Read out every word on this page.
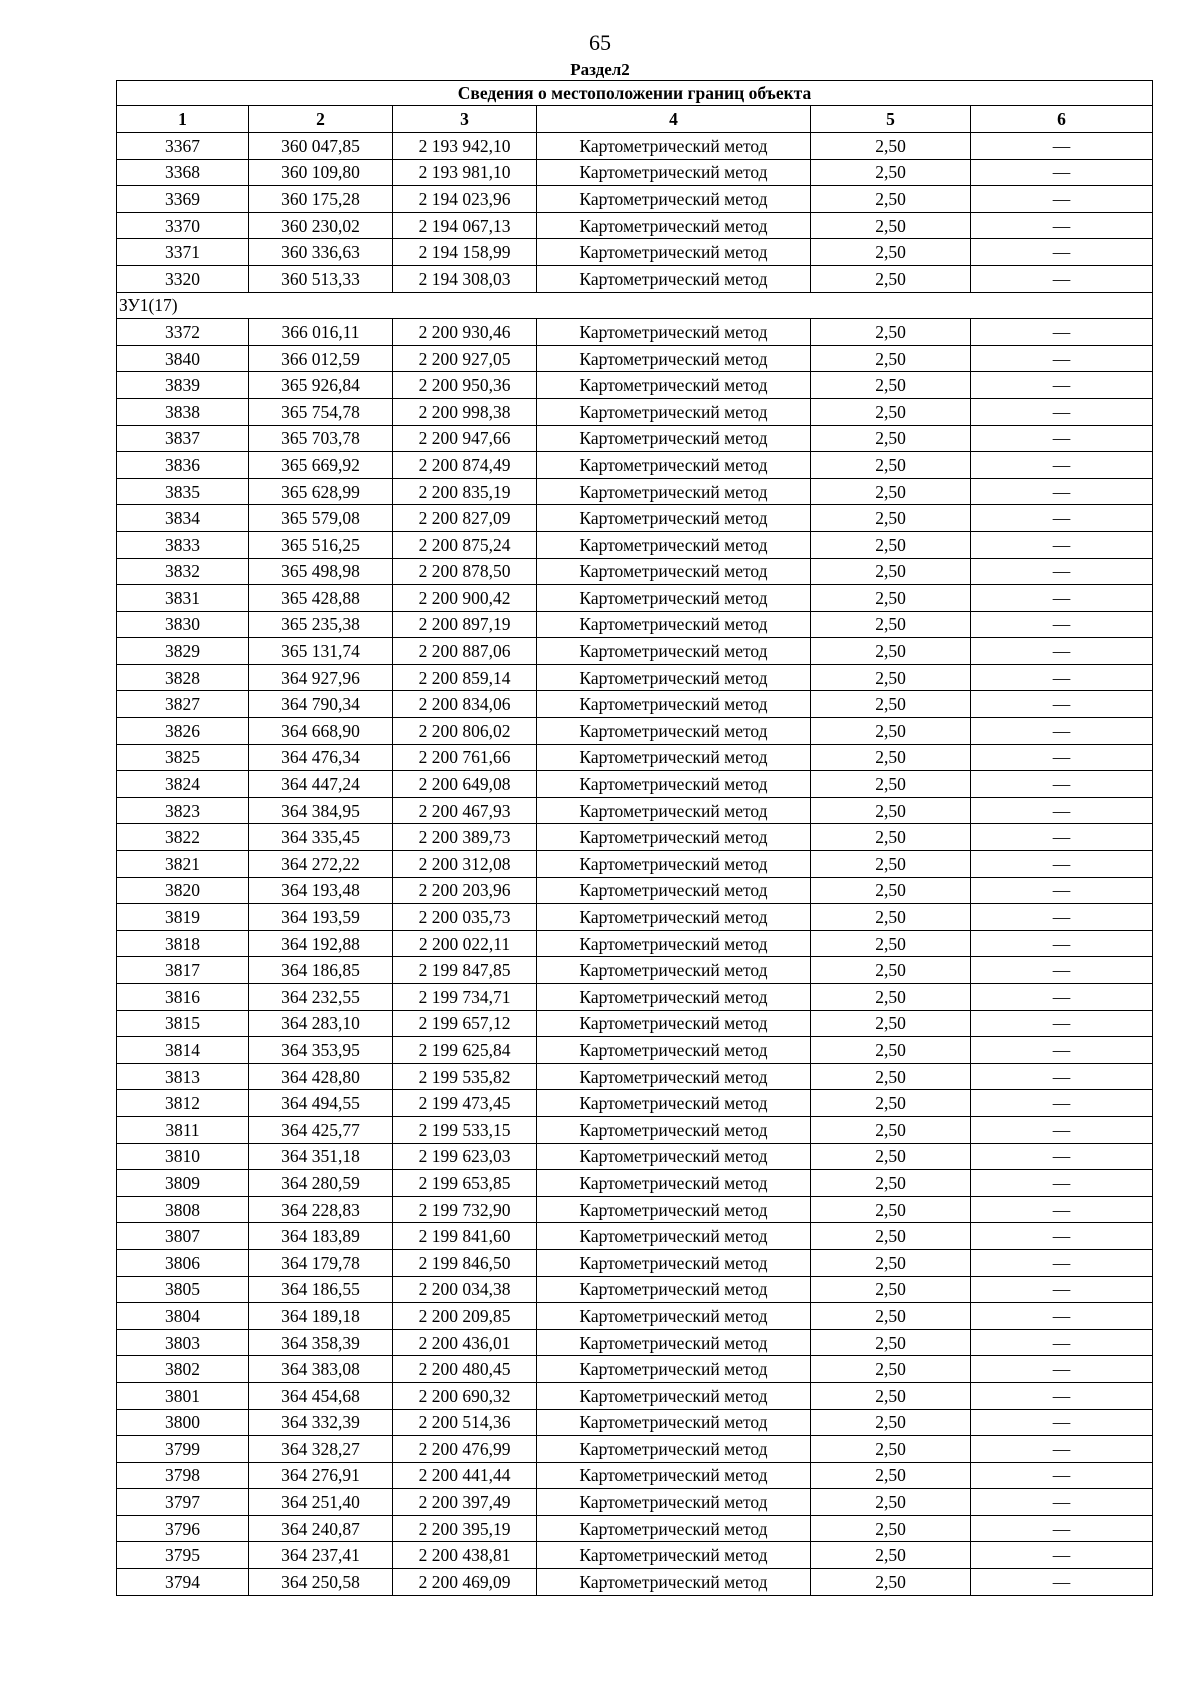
65
Раздел2
Сведения о местоположении границ объекта					
1	2	3	4	5	6
3367	360 047,85	2 193 942,10	Картометрический метод	2,50	—
3368	360 109,80	2 193 981,10	Картометрический метод	2,50	—
3369	360 175,28	2 194 023,96	Картометрический метод	2,50	—
3370	360 230,02	2 194 067,13	Картометрический метод	2,50	—
3371	360 336,63	2 194 158,99	Картометрический метод	2,50	—
3320	360 513,33	2 194 308,03	Картометрический метод	2,50	—
ЗУ1(17)					
3372	366 016,11	2 200 930,46	Картометрический метод	2,50	—
3840	366 012,59	2 200 927,05	Картометрический метод	2,50	—
3839	365 926,84	2 200 950,36	Картометрический метод	2,50	—
3838	365 754,78	2 200 998,38	Картометрический метод	2,50	—
3837	365 703,78	2 200 947,66	Картометрический метод	2,50	—
3836	365 669,92	2 200 874,49	Картометрический метод	2,50	—
3835	365 628,99	2 200 835,19	Картометрический метод	2,50	—
3834	365 579,08	2 200 827,09	Картометрический метод	2,50	—
3833	365 516,25	2 200 875,24	Картометрический метод	2,50	—
3832	365 498,98	2 200 878,50	Картометрический метод	2,50	—
3831	365 428,88	2 200 900,42	Картометрический метод	2,50	—
3830	365 235,38	2 200 897,19	Картометрический метод	2,50	—
3829	365 131,74	2 200 887,06	Картометрический метод	2,50	—
3828	364 927,96	2 200 859,14	Картометрический метод	2,50	—
3827	364 790,34	2 200 834,06	Картометрический метод	2,50	—
3826	364 668,90	2 200 806,02	Картометрический метод	2,50	—
3825	364 476,34	2 200 761,66	Картометрический метод	2,50	—
3824	364 447,24	2 200 649,08	Картометрический метод	2,50	—
3823	364 384,95	2 200 467,93	Картометрический метод	2,50	—
3822	364 335,45	2 200 389,73	Картометрический метод	2,50	—
3821	364 272,22	2 200 312,08	Картометрический метод	2,50	—
3820	364 193,48	2 200 203,96	Картометрический метод	2,50	—
3819	364 193,59	2 200 035,73	Картометрический метод	2,50	—
3818	364 192,88	2 200 022,11	Картометрический метод	2,50	—
3817	364 186,85	2 199 847,85	Картометрический метод	2,50	—
3816	364 232,55	2 199 734,71	Картометрический метод	2,50	—
3815	364 283,10	2 199 657,12	Картометрический метод	2,50	—
3814	364 353,95	2 199 625,84	Картометрический метод	2,50	—
3813	364 428,80	2 199 535,82	Картометрический метод	2,50	—
3812	364 494,55	2 199 473,45	Картометрический метод	2,50	—
3811	364 425,77	2 199 533,15	Картометрический метод	2,50	—
3810	364 351,18	2 199 623,03	Картометрический метод	2,50	—
3809	364 280,59	2 199 653,85	Картометрический метод	2,50	—
3808	364 228,83	2 199 732,90	Картометрический метод	2,50	—
3807	364 183,89	2 199 841,60	Картометрический метод	2,50	—
3806	364 179,78	2 199 846,50	Картометрический метод	2,50	—
3805	364 186,55	2 200 034,38	Картометрический метод	2,50	—
3804	364 189,18	2 200 209,85	Картометрический метод	2,50	—
3803	364 358,39	2 200 436,01	Картометрический метод	2,50	—
3802	364 383,08	2 200 480,45	Картометрический метод	2,50	—
3801	364 454,68	2 200 690,32	Картометрический метод	2,50	—
3800	364 332,39	2 200 514,36	Картометрический метод	2,50	—
3799	364 328,27	2 200 476,99	Картометрический метод	2,50	—
3798	364 276,91	2 200 441,44	Картометрический метод	2,50	—
3797	364 251,40	2 200 397,49	Картометрический метод	2,50	—
3796	364 240,87	2 200 395,19	Картометрический метод	2,50	—
3795	364 237,41	2 200 438,81	Картометрический метод	2,50	—
3794	364 250,58	2 200 469,09	Картометрический метод	2,50	—
